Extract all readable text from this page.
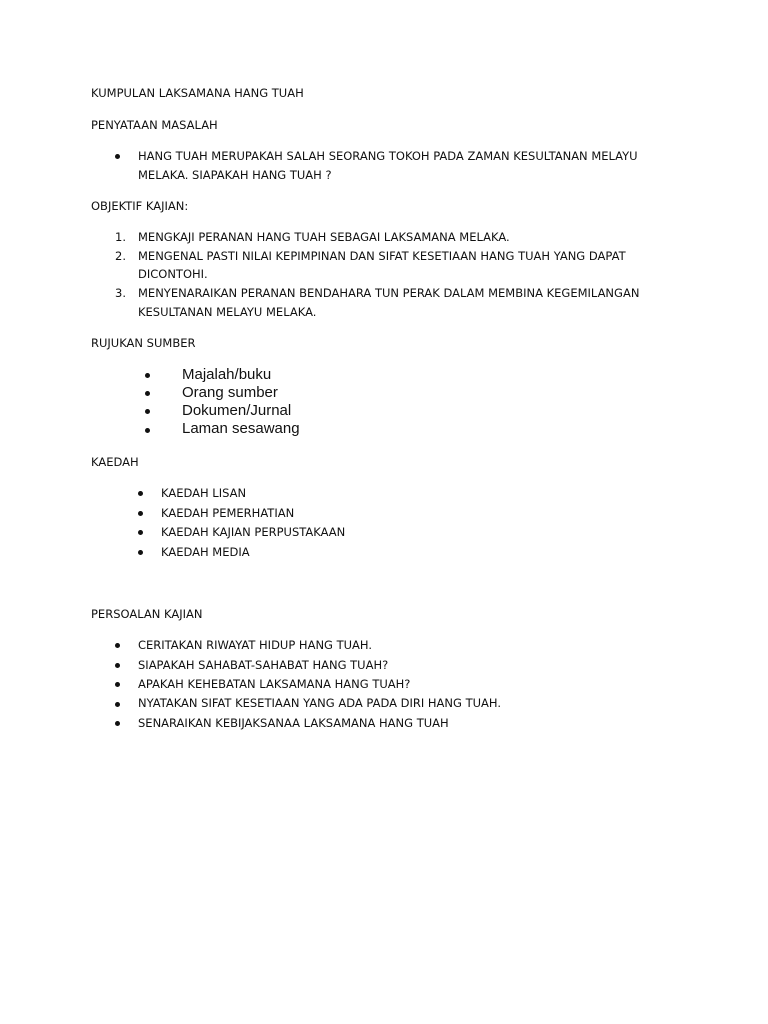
KUMPULAN LAKSAMANA HANG TUAH
PENYATAAN MASALAH
HANG TUAH MERUPAKAH SALAH SEORANG TOKOH PADA ZAMAN KESULTANAN MELAYU
MELAKA. SIAPAKAH HANG TUAH ?
OBJEKTIF KAJIAN:
1. MENGKAJI PERANAN HANG TUAH SEBAGAI LAKSAMANA MELAKA.
2. MENGENAL PASTI NILAI KEPIMPINAN DAN SIFAT KESETIAAN HANG TUAH YANG DAPAT
DICONTOHI.
3. MENYENARAIKAN PERANAN BENDAHARA TUN PERAK DALAM MEMBINA KEGEMILANGAN
KESULTANAN MELAYU MELAKA.
RUJUKAN SUMBER
Majalah/buku
Orang sumber
Dokumen/Jurnal
Laman sesawang
KAEDAH
KAEDAH LISAN
KAEDAH PEMERHATIAN
KAEDAH KAJIAN PERPUSTAKAAN
KAEDAH MEDIA
PERSOALAN KAJIAN
CERITAKAN RIWAYAT HIDUP HANG TUAH.
SIAPAKAH SAHABAT-SAHABAT HANG TUAH?
APAKAH KEHEBATAN LAKSAMANA HANG TUAH?
NYATAKAN SIFAT KESETIAAN YANG ADA PADA DIRI HANG TUAH.
SENARAIKAN KEBIJAKSANAA LAKSAMANA HANG TUAH
